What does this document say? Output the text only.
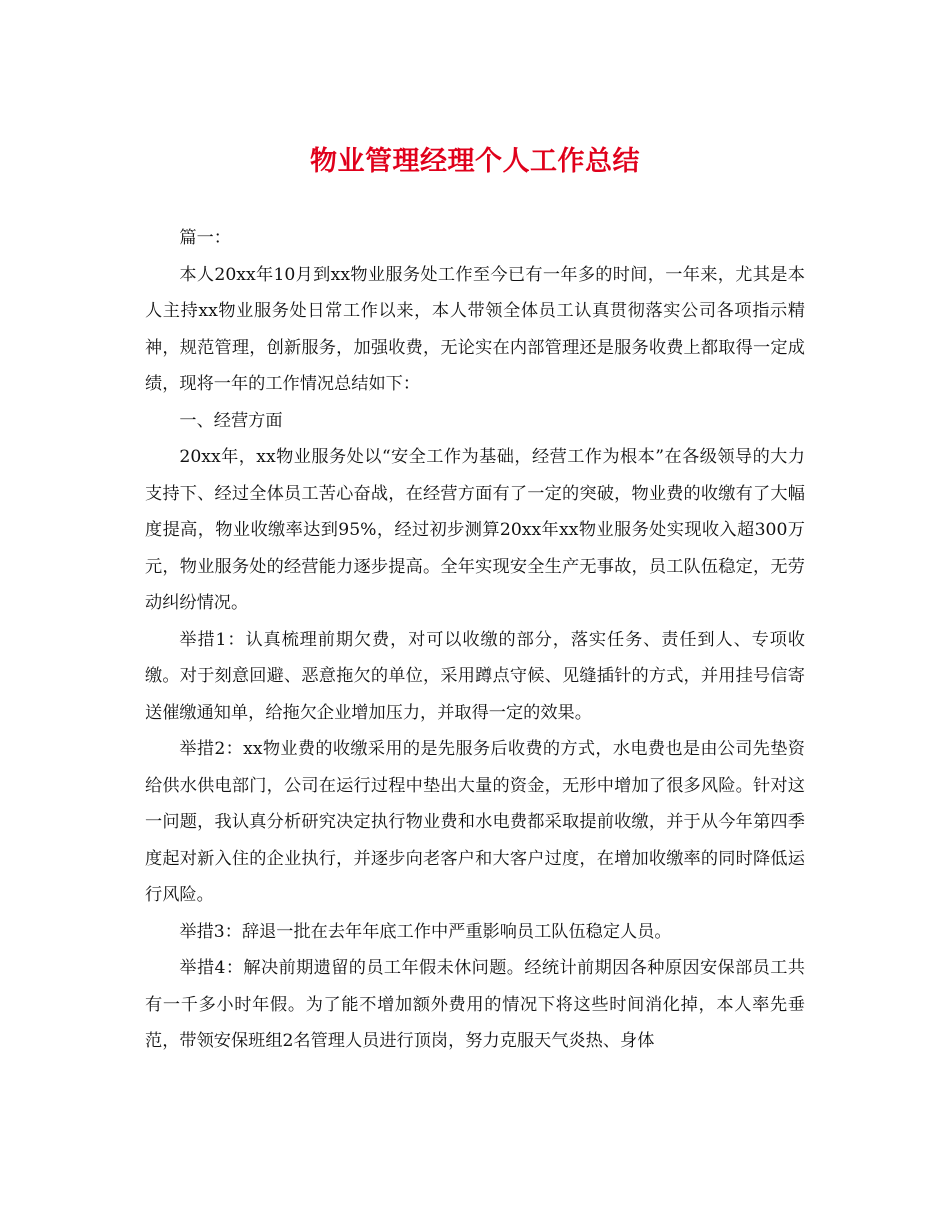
物业管理经理个人工作总结

篇一：

本人20xx年10月到xx物业服务处工作至今已有一年多的时间，一年来，尤其是本人主持xx物业服务处日常工作以来，本人带领全体员工认真贯彻落实公司各项指示精神，规范管理，创新服务，加强收费，无论实在内部管理还是服务收费上都取得一定成绩，现将一年的工作情况总结如下：

一、经营方面

20xx年，xx物业服务处以“安全工作为基础，经营工作为根本”在各级领导的大力支持下、经过全体员工苦心奋战，在经营方面有了一定的突破，物业费的收缴有了大幅度提高，物业收缴率达到95%，经过初步测算20xx年xx物业服务处实现收入超300万元，物业服务处的经营能力逐步提高。全年实现安全生产无事故，员工队伍稳定，无劳动纠纷情况。

举措1：认真梳理前期欠费，对可以收缴的部分，落实任务、责任到人、专项收缴。对于刻意回避、恶意拖欠的单位，采用蹲点守候、见缝插针的方式，并用挂号信寄送催缴通知单，给拖欠企业增加压力，并取得一定的效果。

举措2：xx物业费的收缴采用的是先服务后收费的方式，水电费也是由公司先垫资给供水供电部门，公司在运行过程中垫出大量的资金，无形中增加了很多风险。针对这一问题，我认真分析研究决定执行物业费和水电费都采取提前收缴，并于从今年第四季度起对新入住的企业执行，并逐步向老客户和大客户过度，在增加收缴率的同时降低运行风险。

举措3：辞退一批在去年年底工作中严重影响员工队伍稳定人员。

举措4：解决前期遗留的员工年假未休问题。经统计前期因各种原因安保部员工共有一千多小时年假。为了能不增加额外费用的情况下将这些时间消化掉，本人率先垂范，带领安保班组2名管理人员进行顶岗，努力克服天气炎热、身体
